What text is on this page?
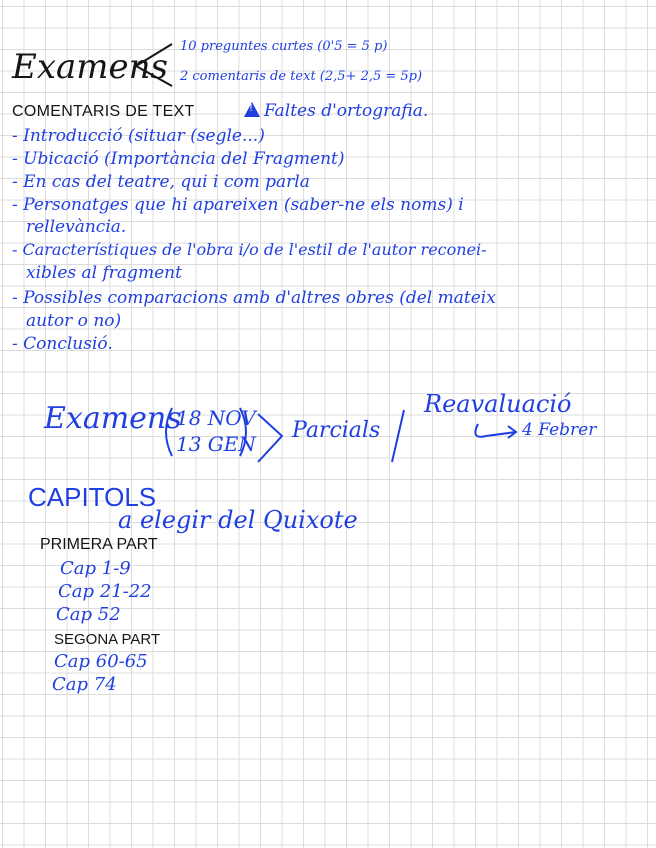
Examens
10 preguntes curtes (0'5 = 5 p)
2 comentaris de text (2,5+ 2,5 = 5p)
COMENTARIS DE TEXT
!	Faltes d'ortografia.
- Introducció (situar (segle...)
- Ubicació (Importància del Fragment)
- En cas del teatre, qui i com parla
- Personatges que hi apareixen (saber-ne els noms) i
rellevància.
- Característiques de l'obra i/o de l'estil de l'autor reconei-
xibles al fragment
- Possibles comparacions amb d'altres obres (del mateix
autor o no)
- Conclusió.
Examens
18 NOV
13 GEN
Parcials
Reavaluació
4 Febrer
CAPITOLS
a elegir del Quixote
PRIMERA PART
Cap 1-9
Cap 21-22
Cap 52
SEGONA PART
Cap 60-65
Cap 74
